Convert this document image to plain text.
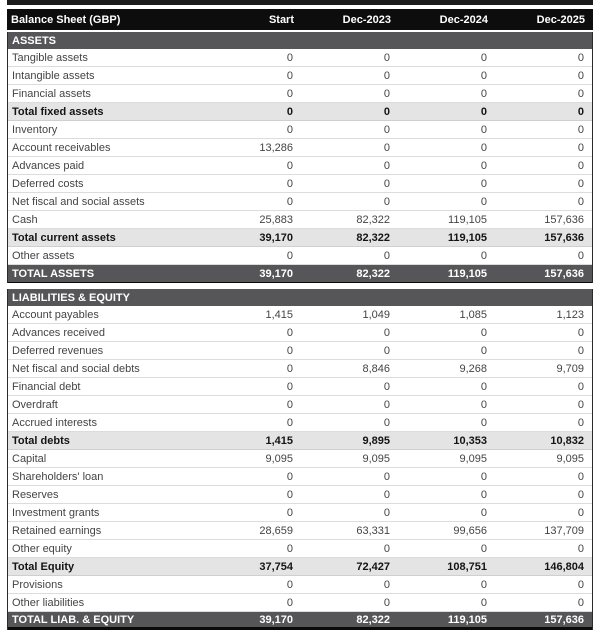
Balance Sheet (GBP)	Start	Dec-2023	Dec-2024	Dec-2025
ASSETS
Tangible assets	0	0	0	0
Intangible assets	0	0	0	0
Financial assets	0	0	0	0
Total fixed assets	0	0	0	0
Inventory	0	0	0	0
Account receivables	13,286	0	0	0
Advances paid	0	0	0	0
Deferred costs	0	0	0	0
Net fiscal and social assets	0	0	0	0
Cash	25,883	82,322	119,105	157,636
Total current assets	39,170	82,322	119,105	157,636
Other assets	0	0	0	0
TOTAL ASSETS	39,170	82,322	119,105	157,636
LIABILITIES & EQUITY
Account payables	1,415	1,049	1,085	1,123
Advances received	0	0	0	0
Deferred revenues	0	0	0	0
Net fiscal and social debts	0	8,846	9,268	9,709
Financial debt	0	0	0	0
Overdraft	0	0	0	0
Accrued interests	0	0	0	0
Total debts	1,415	9,895	10,353	10,832
Capital	9,095	9,095	9,095	9,095
Shareholders' loan	0	0	0	0
Reserves	0	0	0	0
Investment grants	0	0	0	0
Retained earnings	28,659	63,331	99,656	137,709
Other equity	0	0	0	0
Total Equity	37,754	72,427	108,751	146,804
Provisions	0	0	0	0
Other liabilities	0	0	0	0
TOTAL LIAB. & EQUITY	39,170	82,322	119,105	157,636
